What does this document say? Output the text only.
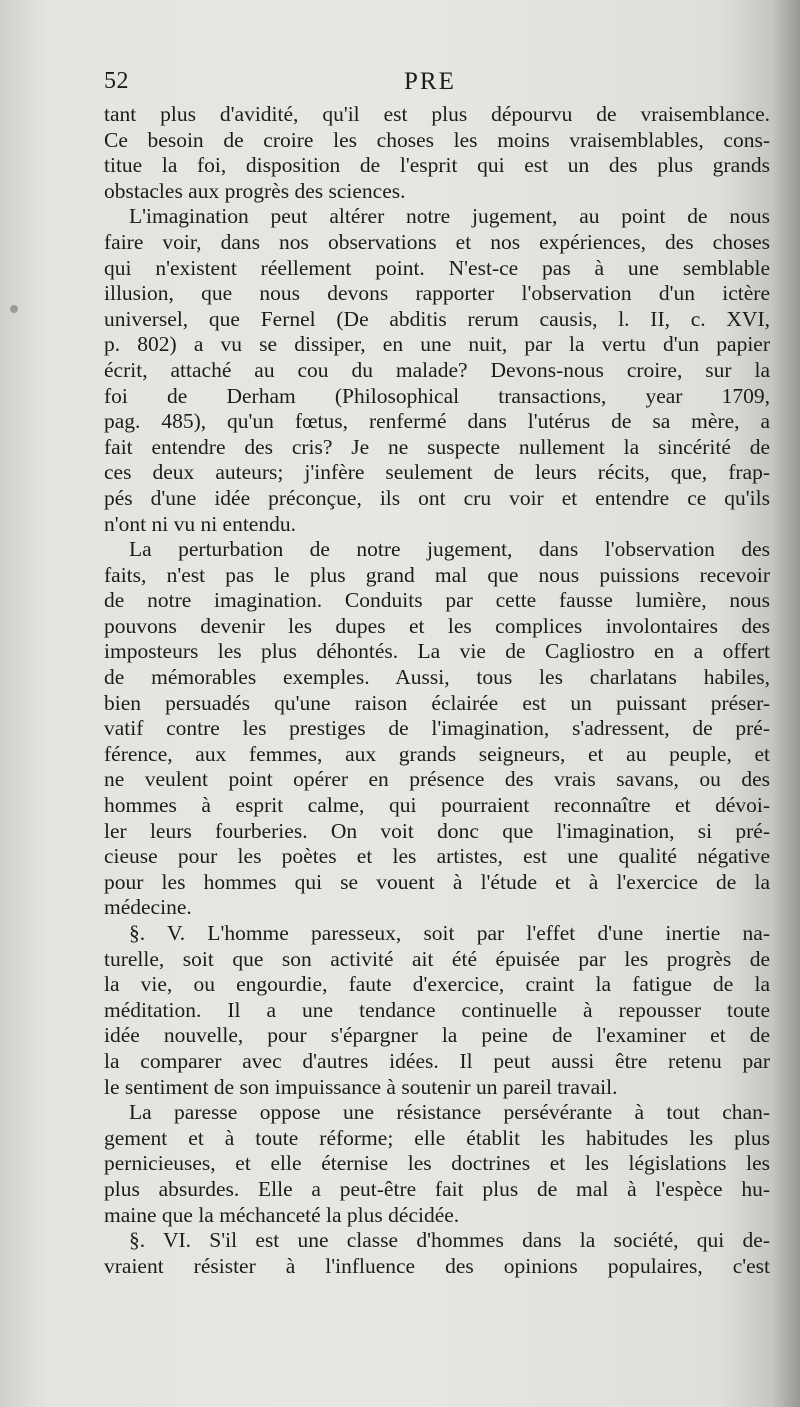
52	PRE
tant plus d'avidité, qu'il est plus dépourvu de vraisemblance.
Ce besoin de croire les choses les moins vraisemblables, cons-
titue la foi, disposition de l'esprit qui est un des plus grands
obstacles aux progrès des sciences.
L'imagination peut altérer notre jugement, au point de nous
faire voir, dans nos observations et nos expériences, des choses
qui n'existent réellement point. N'est-ce pas à une semblable
illusion, que nous devons rapporter l'observation d'un ictère
universel, que Fernel (De abditis rerum causis, l. II, c. XVI,
p. 802) a vu se dissiper, en une nuit, par la vertu d'un papier
écrit, attaché au cou du malade? Devons-nous croire, sur la
foi de Derham (Philosophical transactions, year 1709,
pag. 485), qu'un fœtus, renfermé dans l'utérus de sa mère, a
fait entendre des cris? Je ne suspecte nullement la sincérité de
ces deux auteurs; j'infère seulement de leurs récits, que, frap-
pés d'une idée préconçue, ils ont cru voir et entendre ce qu'ils
n'ont ni vu ni entendu.
La perturbation de notre jugement, dans l'observation des
faits, n'est pas le plus grand mal que nous puissions recevoir
de notre imagination. Conduits par cette fausse lumière, nous
pouvons devenir les dupes et les complices involontaires des
imposteurs les plus déhontés. La vie de Cagliostro en a offert
de mémorables exemples. Aussi, tous les charlatans habiles,
bien persuadés qu'une raison éclairée est un puissant préser-
vatif contre les prestiges de l'imagination, s'adressent, de pré-
férence, aux femmes, aux grands seigneurs, et au peuple, et
ne veulent point opérer en présence des vrais savans, ou des
hommes à esprit calme, qui pourraient reconnaître et dévoi-
ler leurs fourberies. On voit donc que l'imagination, si pré-
cieuse pour les poètes et les artistes, est une qualité négative
pour les hommes qui se vouent à l'étude et à l'exercice de la
médecine.
§. V. L'homme paresseux, soit par l'effet d'une inertie na-
turelle, soit que son activité ait été épuisée par les progrès de
la vie, ou engourdie, faute d'exercice, craint la fatigue de la
méditation. Il a une tendance continuelle à repousser toute
idée nouvelle, pour s'épargner la peine de l'examiner et de
la comparer avec d'autres idées. Il peut aussi être retenu par
le sentiment de son impuissance à soutenir un pareil travail.
La paresse oppose une résistance persévérante à tout chan-
gement et à toute réforme; elle établit les habitudes les plus
pernicieuses, et elle éternise les doctrines et les législations les
plus absurdes. Elle a peut-être fait plus de mal à l'espèce hu-
maine que la méchanceté la plus décidée.
§. VI. S'il est une classe d'hommes dans la société, qui de-
vraient résister à l'influence des opinions populaires, c'est
